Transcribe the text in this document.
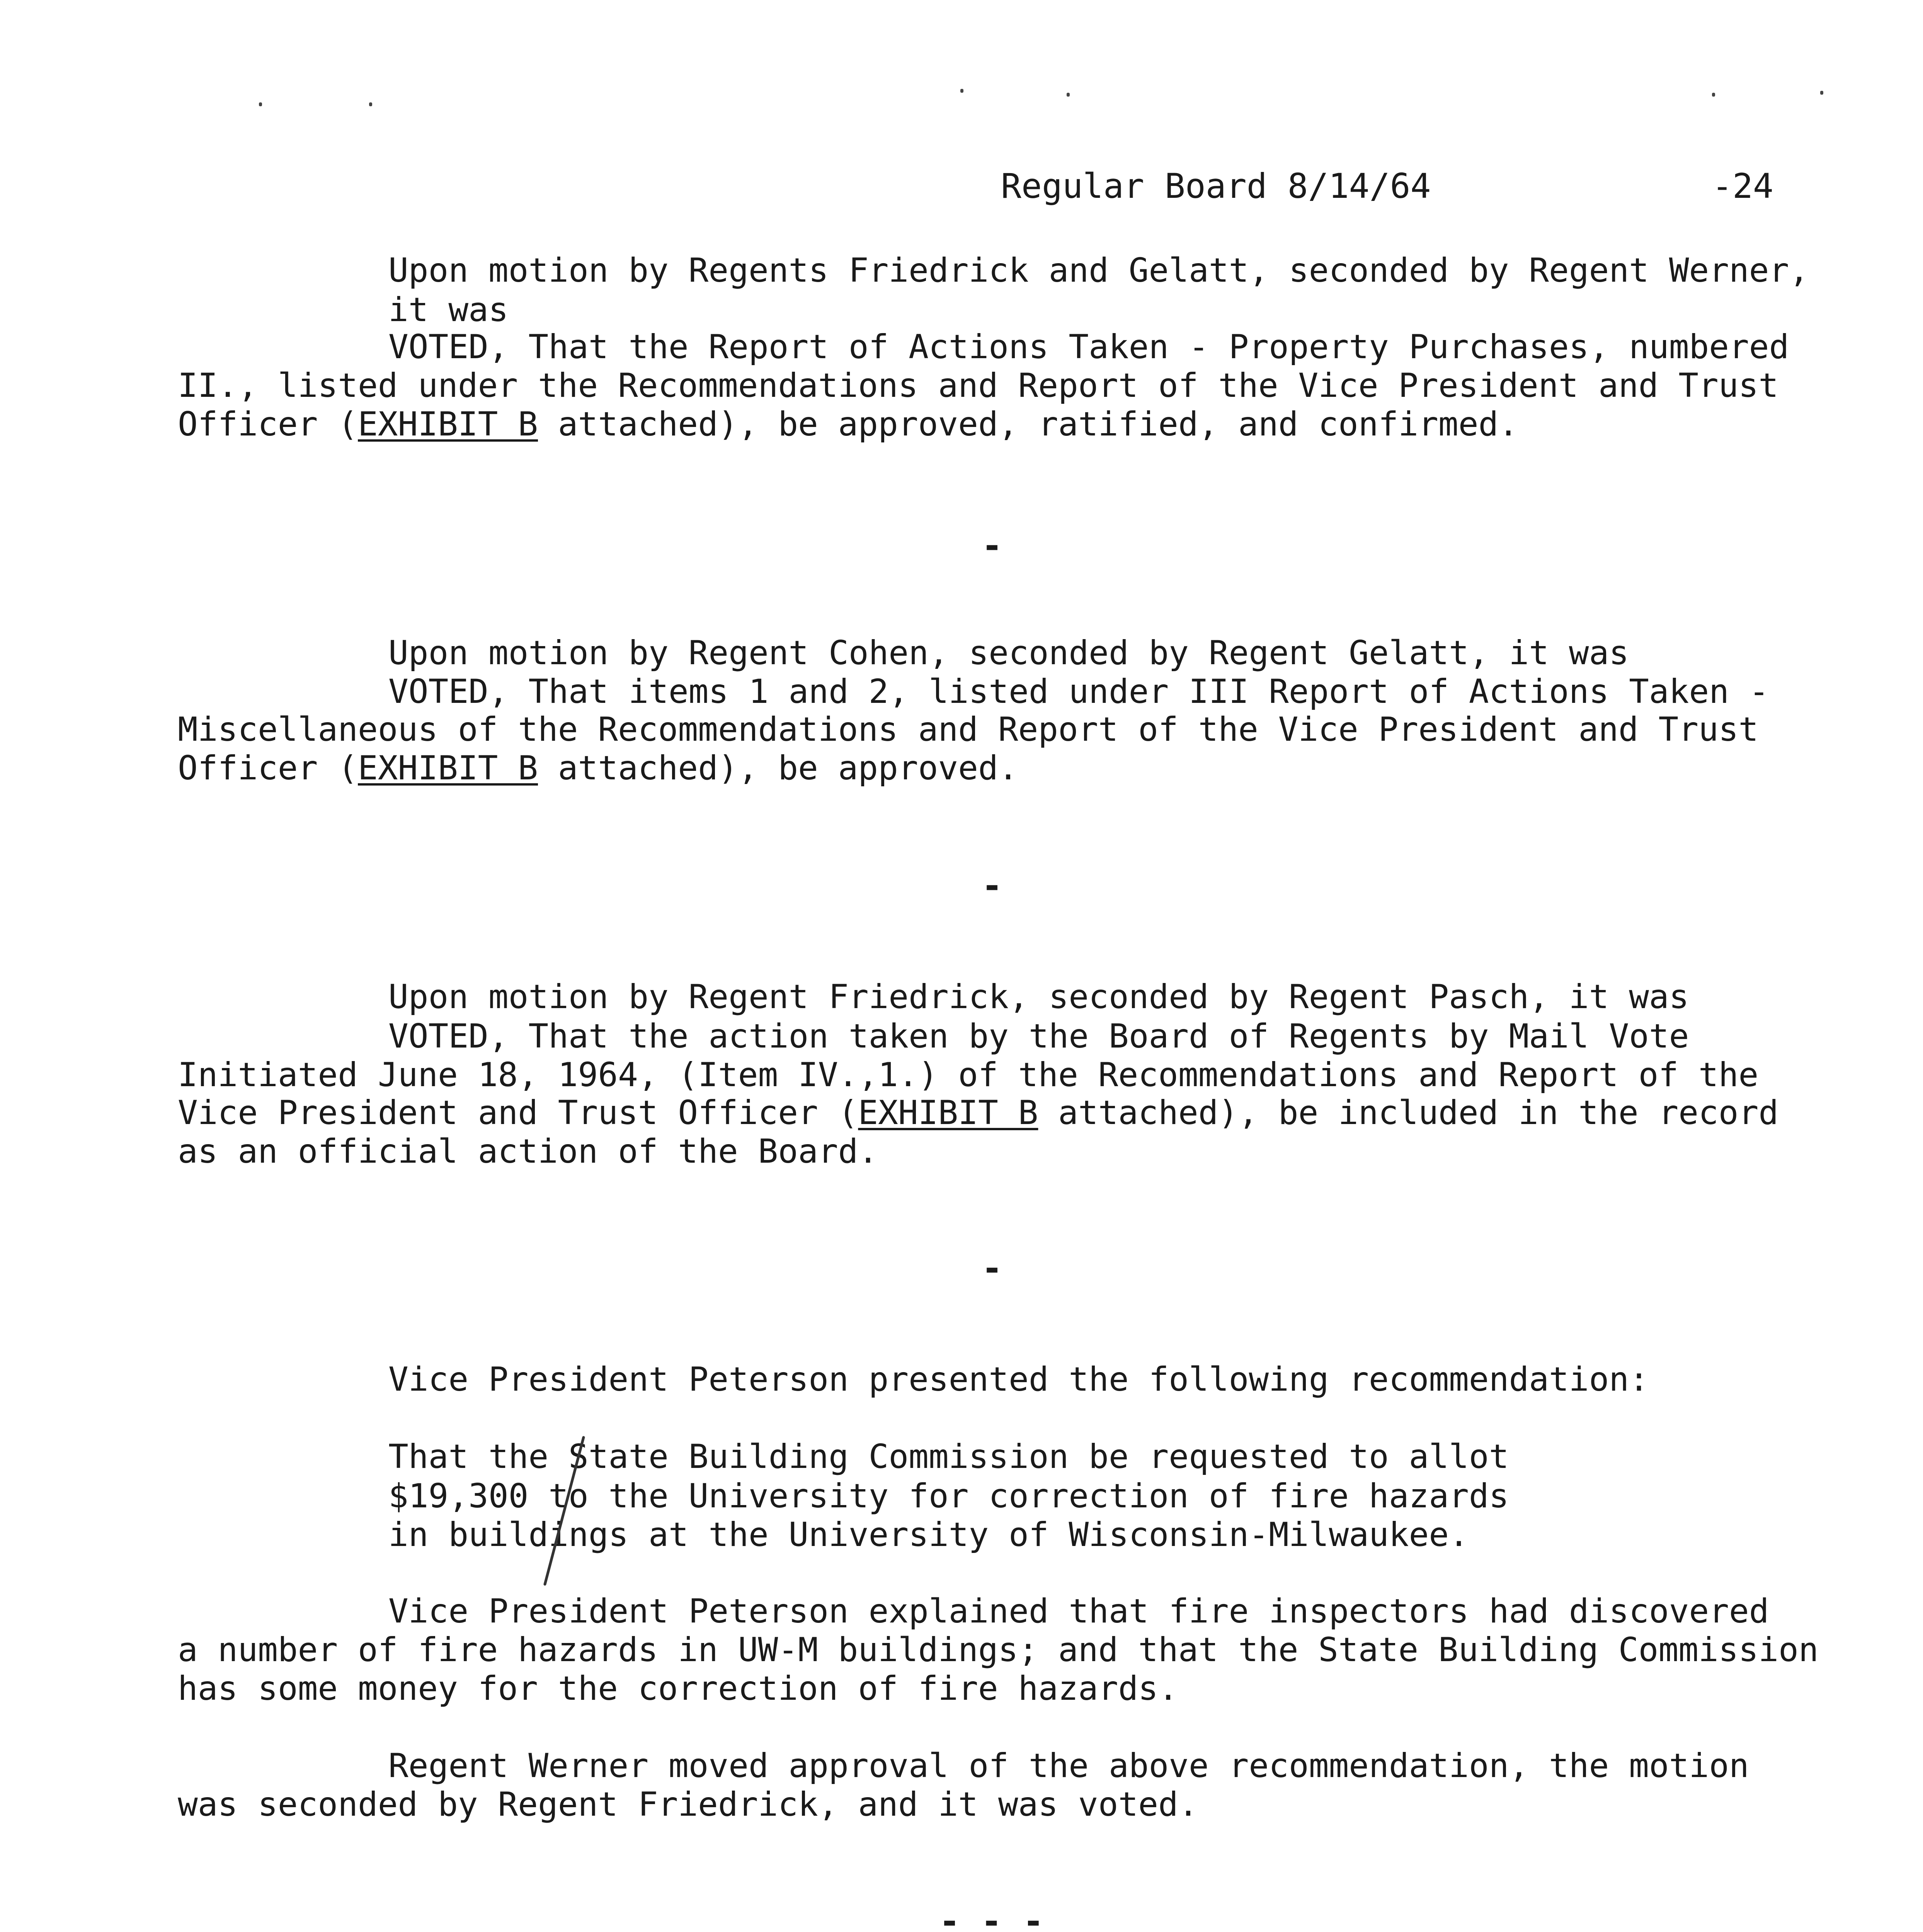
Regular Board 8/14/64	-24
Upon motion by Regents Friedrick and Gelatt, seconded by Regent Werner,
it was
VOTED, That the Report of Actions Taken - Property Purchases, numbered
II., listed under the Recommendations and Report of the Vice President and Trust
Officer (EXHIBIT B attached), be approved, ratified, and confirmed.
-
Upon motion by Regent Cohen, seconded by Regent Gelatt, it was
VOTED, That items 1 and 2, listed under III Report of Actions Taken -
Miscellaneous of the Recommendations and Report of the Vice President and Trust
Officer (EXHIBIT B attached), be approved.
-
Upon motion by Regent Friedrick, seconded by Regent Pasch, it was
VOTED, That the action taken by the Board of Regents by Mail Vote
Initiated June 18, 1964, (Item IV.,1.) of the Recommendations and Report of the
Vice President and Trust Officer (EXHIBIT B attached), be included in the record
as an official action of the Board.
-
Vice President Peterson presented the following recommendation:
That the State Building Commission be requested to allot
$19,300 to the University for correction of fire hazards
in buildings at the University of Wisconsin-Milwaukee.
Vice President Peterson explained that fire inspectors had discovered
a number of fire hazards in UW-M buildings; and that the State Building Commission
has some money for the correction of fire hazards.
Regent Werner moved approval of the above recommendation, the motion
was seconded by Regent Friedrick, and it was voted.
- - -
